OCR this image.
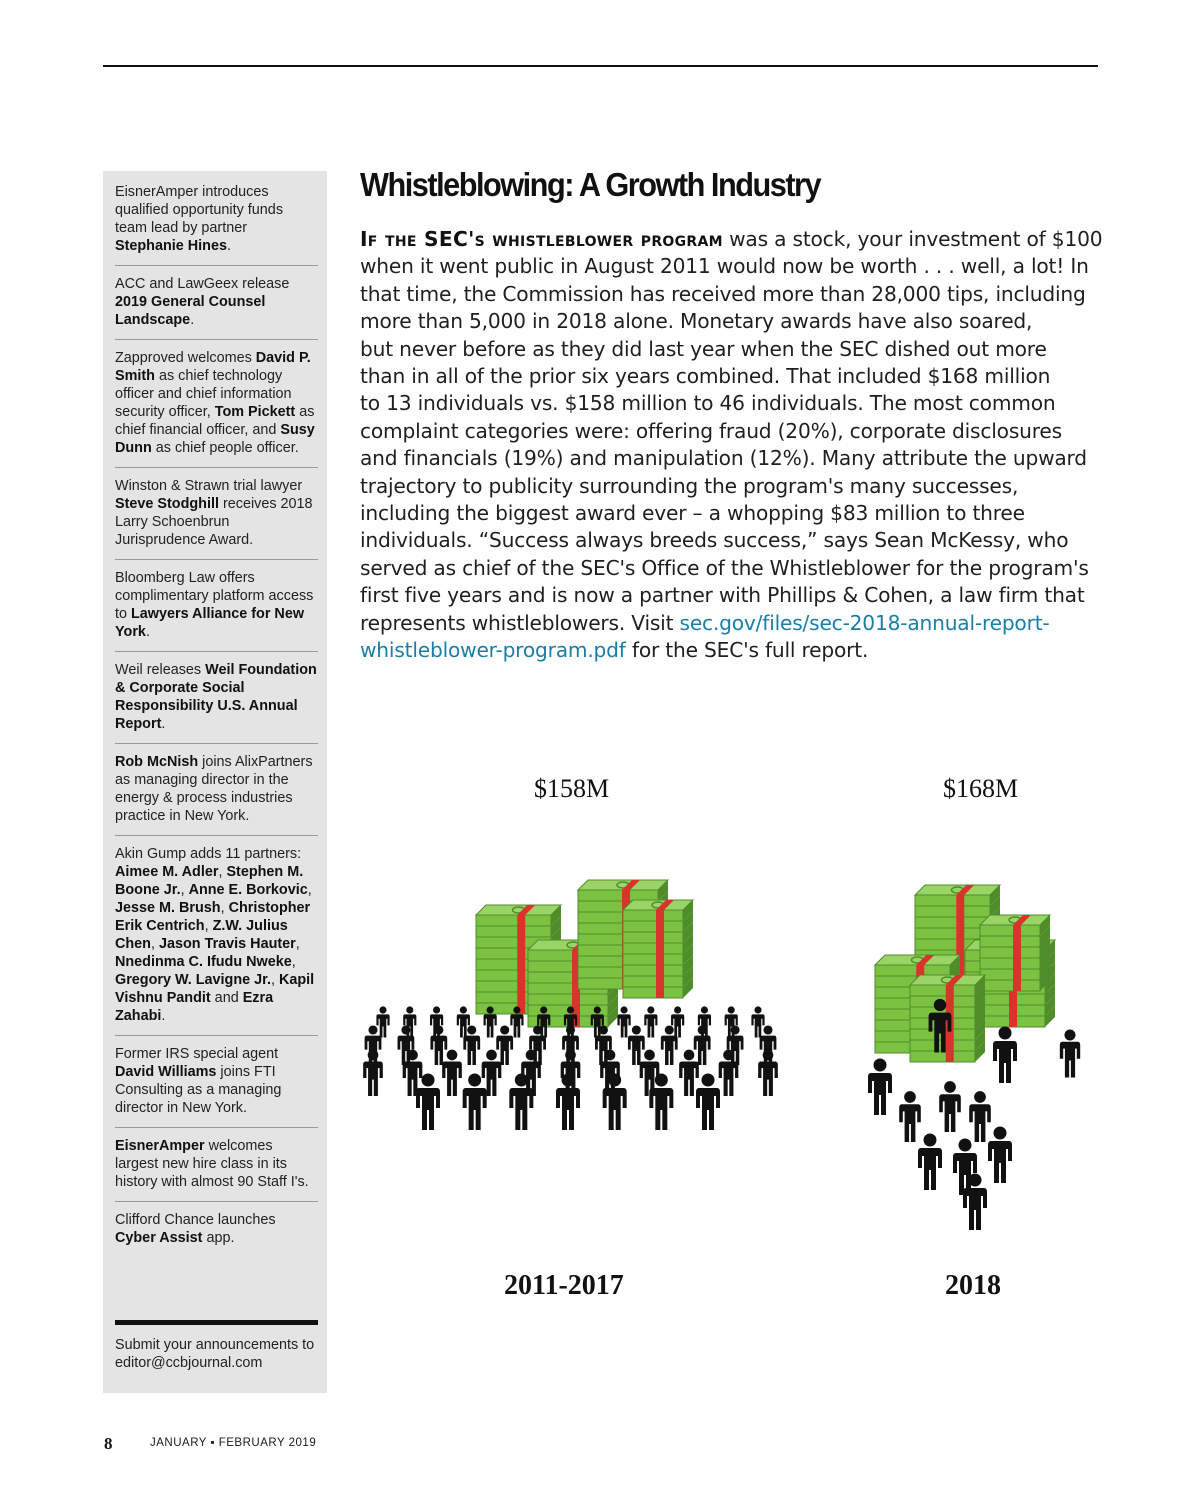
EisnerAmper introduces qualified opportunity funds team lead by partner Stephanie Hines.
ACC and LawGeex release 2019 General Counsel Landscape.
Zapproved welcomes David P. Smith as chief technology officer and chief information security officer, Tom Pickett as chief financial officer, and Susy Dunn as chief people officer.
Winston & Strawn trial lawyer Steve Stodghill receives 2018 Larry Schoenbrun Jurisprudence Award.
Bloomberg Law offers complimentary platform access to Lawyers Alliance for New York.
Weil releases Weil Foundation & Corporate Social Responsibility U.S. Annual Report.
Rob McNish joins AlixPartners as managing director in the energy & process industries practice in New York.
Akin Gump adds 11 partners: Aimee M. Adler, Stephen M. Boone Jr., Anne E. Borkovic, Jesse M. Brush, Christopher Erik Centrich, Z.W. Julius Chen, Jason Travis Hauter, Nnedinma C. Ifudu Nweke, Gregory W. Lavigne Jr., Kapil Vishnu Pandit and Ezra Zahabi.
Former IRS special agent David Williams joins FTI Consulting as a managing director in New York.
EisnerAmper welcomes largest new hire class in its history with almost 90 Staff I's.
Clifford Chance launches Cyber Assist app.
Submit your announcements to editor@ccbjournal.com
Whistleblowing: A Growth Industry
If the SEC's whistleblower program was a stock, your investment of $100
when it went public in August 2011 would now be worth . . . well, a lot! In
that time, the Commission has received more than 28,000 tips, including
more than 5,000 in 2018 alone. Monetary awards have also soared,
but never before as they did last year when the SEC dished out more
than in all of the prior six years combined. That included $168 million
to 13 individuals vs. $158 million to 46 individuals. The most common
complaint categories were: offering fraud (20%), corporate disclosures
and financials (19%) and manipulation (12%). Many attribute the upward
trajectory to publicity surrounding the program's many successes,
including the biggest award ever – a whopping $83 million to three
individuals. “Success always breeds success,” says Sean McKessy, who
served as chief of the SEC's Office of the Whistleblower for the program's
first five years and is now a partner with Phillips & Cohen, a law firm that
represents whistleblowers. Visit sec.gov/files/sec-2018-annual-report-
whistleblower-program.pdf for the SEC's full report.
$158M	$168M
2011-2017	2018
8	JANUARY ▪ FEBRUARY 2019
